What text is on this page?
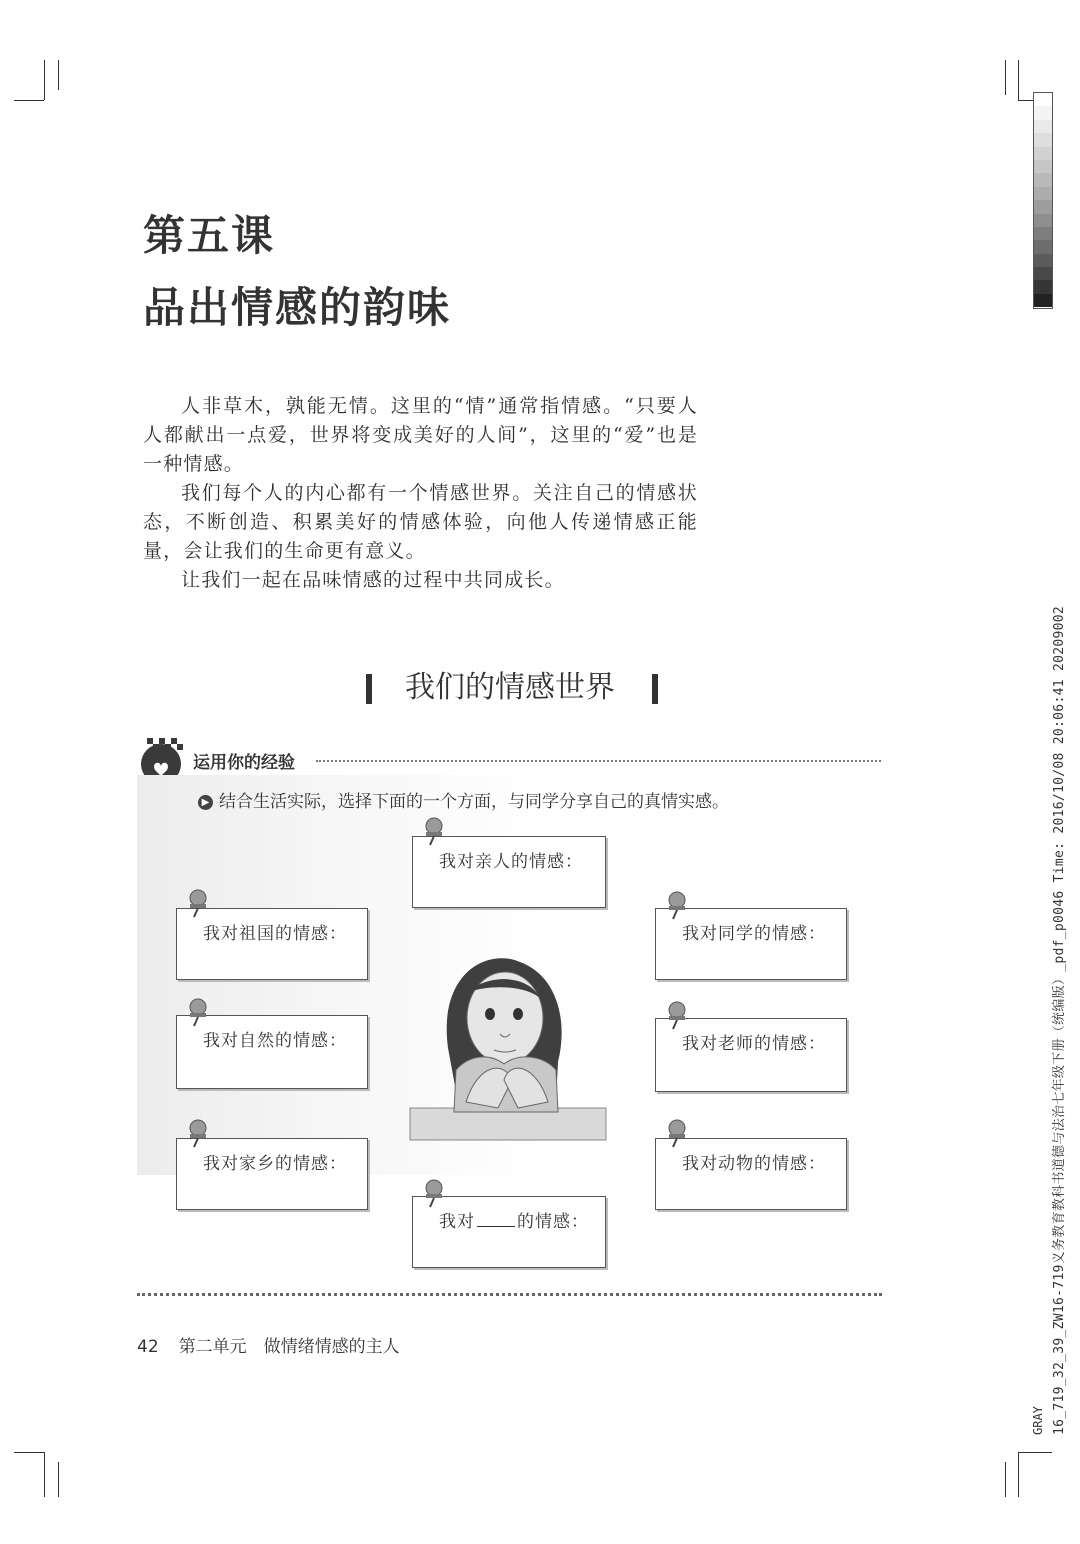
第五课
品出情感的韵味

人非草木，孰能无情。这里的“情”通常指情感。“只要人人都献出一点爱，世界将变成美好的人间”，这里的“爱”也是一种情感。

我们每个人的内心都有一个情感世界。关注自己的情感状态，不断创造、积累美好的情感体验，向他人传递情感正能量，会让我们的生命更有意义。

让我们一起在品味情感的过程中共同成长。

我们的情感世界
运用你的经验
▶ 结合生活实际，选择下面的一个方面，与同学分享自己的真情实感。
我对亲人的情感：
我对祖国的情感：	我对同学的情感：
我对自然的情感：	我对老师的情感：
我对家乡的情感：	我对动物的情感：
我对 的情感：
42 第二单元　做情绪情感的主人
GRAY 16_719_32_39_ZW16-719义务教育教科书道德与法治七年级下册（统编版）_pdf_p0046 Time: 2016/10/08 20:06:41 20209002
